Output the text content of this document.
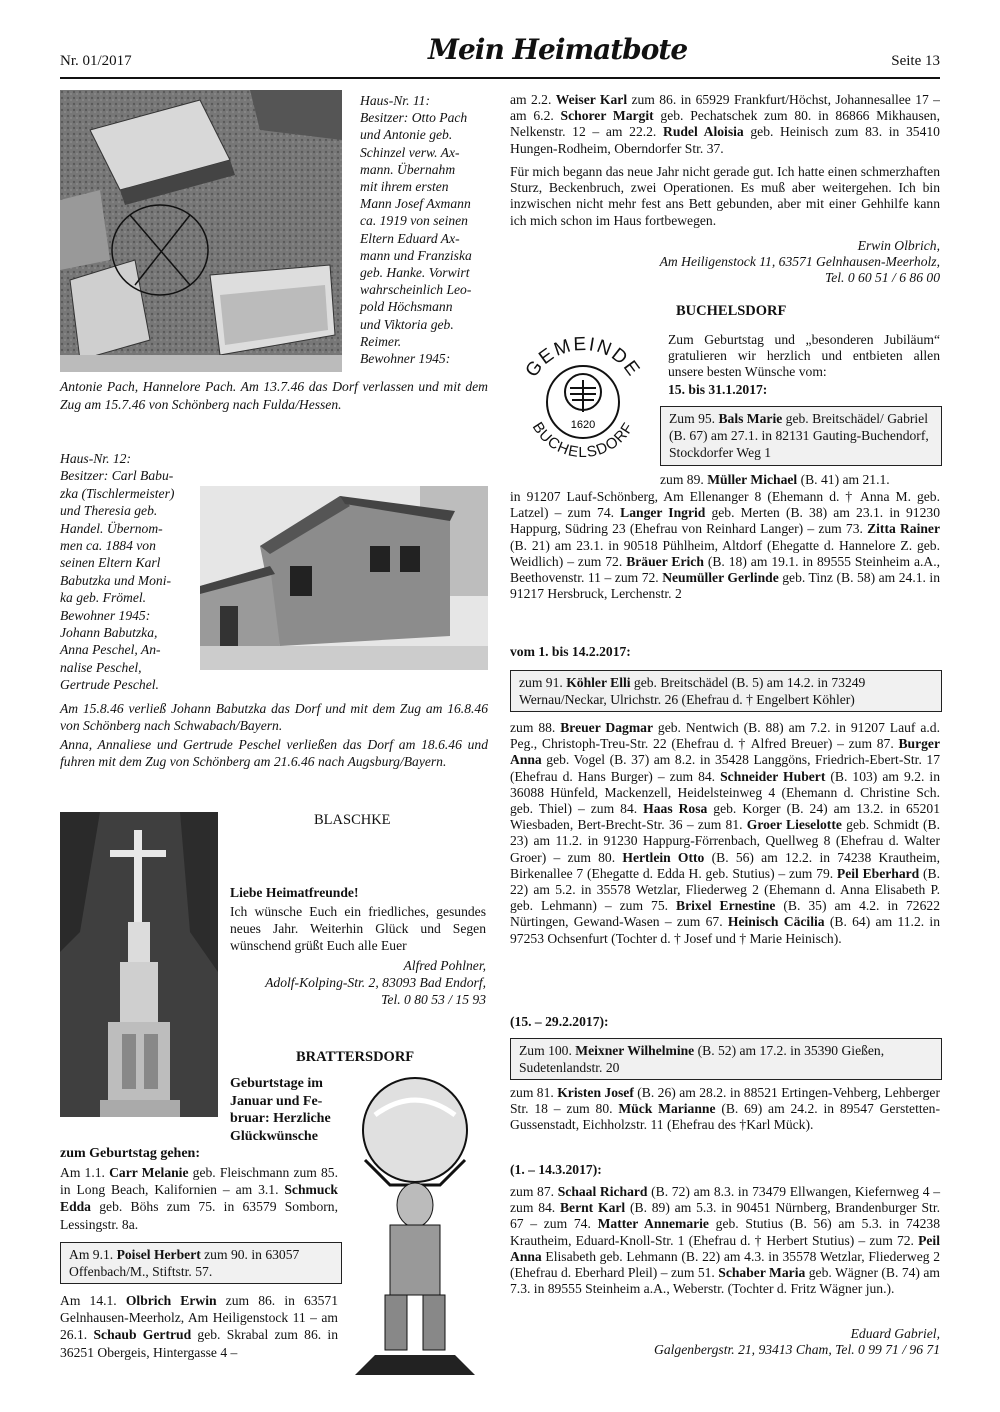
Nr. 01/2017	Mein Heimatbote	Seite 13
Haus-Nr. 11:
Besitzer: Otto Pach
und Antonie geb.
Schinzel verw. Ax-
mann. Übernahm
mit ihrem ersten
Mann Josef Axmann
ca. 1919 von seinen
Eltern Eduard Ax-
mann und Franziska
geb. Hanke. Vorwirt
wahrscheinlich Leo-
pold Höchsmann
und Viktoria geb.
Reimer.
Bewohner 1945:
Antonie Pach, Hannelore Pach. Am 13.7.46 das Dorf verlassen und mit dem Zug am 15.7.46 von Schönberg nach Fulda/Hessen.
Haus-Nr. 12:
Besitzer: Carl Babu-
zka (Tischlermeister)
und Theresia geb.
Handel. Übernom-
men ca. 1884 von
seinen Eltern Karl
Babutzka und Moni-
ka geb. Frömel.
Bewohner 1945:
Johann Babutzka,
Anna Peschel, An-
nalise Peschel,
Gertrude Peschel.
Am 15.8.46 verließ Johann Babutzka das Dorf und mit dem Zug am 16.8.46 von Schönberg nach Schwabach/Bayern.
Anna, Annaliese und Gertrude Peschel verließen das Dorf am 18.6.46 und fuhren mit dem Zug von Schönberg am 21.6.46 nach Augsburg/Bayern.
BLASCHKE
Liebe Heimatfreunde!
Ich wünsche Euch ein friedliches, gesundes neues Jahr. Weiterhin Glück und Segen wünschend grüßt Euch alle Euer
Alfred Pohlner,
Adolf-Kolping-Str. 2, 83093 Bad Endorf,
Tel. 0 80 53 / 15 93
BRATTERSDORF
Geburtstage im
Januar und Fe-
bruar: Herzliche
Glückwünsche
zum Geburtstag gehen:
Am 1.1. Carr Melanie geb. Fleischmann zum 85. in Long Beach, Kalifornien – am 3.1. Schmuck Edda geb. Böhs zum 75. in 63579 Somborn, Lessingstr. 8a.
Am 9.1. Poisel Herbert zum 90. in 63057 Offenbach/M., Stiftstr. 57.
Am 14.1. Olbrich Erwin zum 86. in 63571 Gelnhausen-Meerholz, Am Heiligenstock 11 – am 26.1. Schaub Gertrud geb. Skrabal zum 86. in 36251 Obergeis, Hintergasse 4 –
am 2.2. Weiser Karl zum 86. in 65929 Frankfurt/Höchst, Johannesallee 17 – am 6.2. Schorer Margit geb. Pechatschek zum 80. in 86866 Mikhausen, Nelkenstr. 12 – am 22.2. Rudel Aloisia geb. Heinisch zum 83. in 35410 Hungen-Rodheim, Oberndorfer Str. 37.
Für mich begann das neue Jahr nicht gerade gut. Ich hatte einen schmerzhaften Sturz, Beckenbruch, zwei Operationen. Es muß aber weitergehen. Ich bin inzwischen nicht mehr fest ans Bett gebunden, aber mit einer Gehhilfe kann ich mich schon im Haus fortbewegen.
Erwin Olbrich,
Am Heiligenstock 11, 63571 Gelnhausen-Meerholz,
Tel. 0 60 51 / 6 86 00
BUCHELSDORF
1620
GEMEINDE
BUCHELSDORF
Zum Geburtstag und „besonderen Jubiläum“ gratulieren wir herzlich und entbieten allen unsere besten Wünsche vom:
15. bis 31.1.2017:
Zum 95. Bals Marie geb. Breitschädel/ Gabriel (B. 67) am 27.1. in 82131 Gauting-Buchendorf, Stockdorfer Weg 1
zum 89. Müller Michael (B. 41) am 21.1.
in 91207 Lauf-Schönberg, Am Ellenanger 8 (Ehemann d. † Anna M. geb. Latzel) – zum 74. Langer Ingrid geb. Merten (B. 38) am 23.1. in 91230 Happurg, Südring 23 (Ehefrau von Reinhard Langer) – zum 73. Zitta Rainer (B. 21) am 23.1. in 90518 Pühlheim, Altdorf (Ehegatte d. Hannelore Z. geb. Weidlich) – zum 72. Bräuer Erich (B. 18) am 19.1. in 89555 Steinheim a.A., Beethovenstr. 11 – zum 72. Neumüller Gerlinde geb. Tinz (B. 58) am 24.1. in 91217 Hersbruck, Lerchenstr. 2
vom 1. bis 14.2.2017:
zum 91. Köhler Elli geb. Breitschädel (B. 5) am 14.2. in 73249 Wernau/Neckar, Ulrichstr. 26 (Ehefrau d. † Engelbert Köhler)
zum 88. Breuer Dagmar geb. Nentwich (B. 88) am 7.2. in 91207 Lauf a.d. Peg., Christoph-Treu-Str. 22 (Ehefrau d. † Alfred Breuer) – zum 87. Burger Anna geb. Vogel (B. 37) am 8.2. in 35428 Langgöns, Friedrich-Ebert-Str. 17 (Ehefrau d. Hans Burger) – zum 84. Schneider Hubert (B. 103) am 9.2. in 36088 Hünfeld, Mackenzell, Heidelsteinweg 4 (Ehemann d. Christine Sch. geb. Thiel) – zum 84. Haas Rosa geb. Korger (B. 24) am 13.2. in 65201 Wiesbaden, Bert-Brecht-Str. 36 – zum 81. Groer Lieselotte geb. Schmidt (B. 23) am 11.2. in 91230 Happurg-Förrenbach, Quellweg 8 (Ehefrau d. Walter Groer) – zum 80. Hertlein Otto (B. 56) am 12.2. in 74238 Krautheim, Birkenallee 7 (Ehegatte d. Edda H. geb. Stutius) – zum 79. Peil Eberhard (B. 22) am 5.2. in 35578 Wetzlar, Fliederweg 2 (Ehemann d. Anna Elisabeth P. geb. Lehmann) – zum 75. Brixel Ernestine (B. 35) am 4.2. in 72622 Nürtingen, Gewand-Wasen – zum 67. Heinisch Cäcilia (B. 64) am 11.2. in 97253 Ochsenfurt (Tochter d. † Josef und † Marie Heinisch).
(15. – 29.2.2017):
Zum 100. Meixner Wilhelmine (B. 52) am 17.2. in 35390 Gießen, Sudetenlandstr. 20
zum 81. Kristen Josef (B. 26) am 28.2. in 88521 Ertingen-Vehberg, Lehberger Str. 18 – zum 80. Mück Marianne (B. 69) am 24.2. in 89547 Gerstetten-Gussenstadt, Eichholzstr. 11 (Ehefrau des †Karl Mück).
(1. – 14.3.2017):
zum 87. Schaal Richard (B. 72) am 8.3. in 73479 Ellwangen, Kiefernweg 4 – zum 84. Bernt Karl (B. 89) am 5.3. in 90451 Nürnberg, Brandenburger Str. 67 – zum 74. Matter Annemarie geb. Stutius (B. 56) am 5.3. in 74238 Krautheim, Eduard-Knoll-Str. 1 (Ehefrau d. † Herbert Stutius) – zum 72. Peil Anna Elisabeth geb. Lehmann (B. 22) am 4.3. in 35578 Wetzlar, Fliederweg 2 (Ehefrau d. Eberhard Pleil) – zum 51. Schaber Maria geb. Wägner (B. 74) am 7.3. in 89555 Steinheim a.A., Weberstr. (Tochter d. Fritz Wägner jun.).
Eduard Gabriel,
Galgenbergstr. 21, 93413 Cham, Tel. 0 99 71 / 96 71
